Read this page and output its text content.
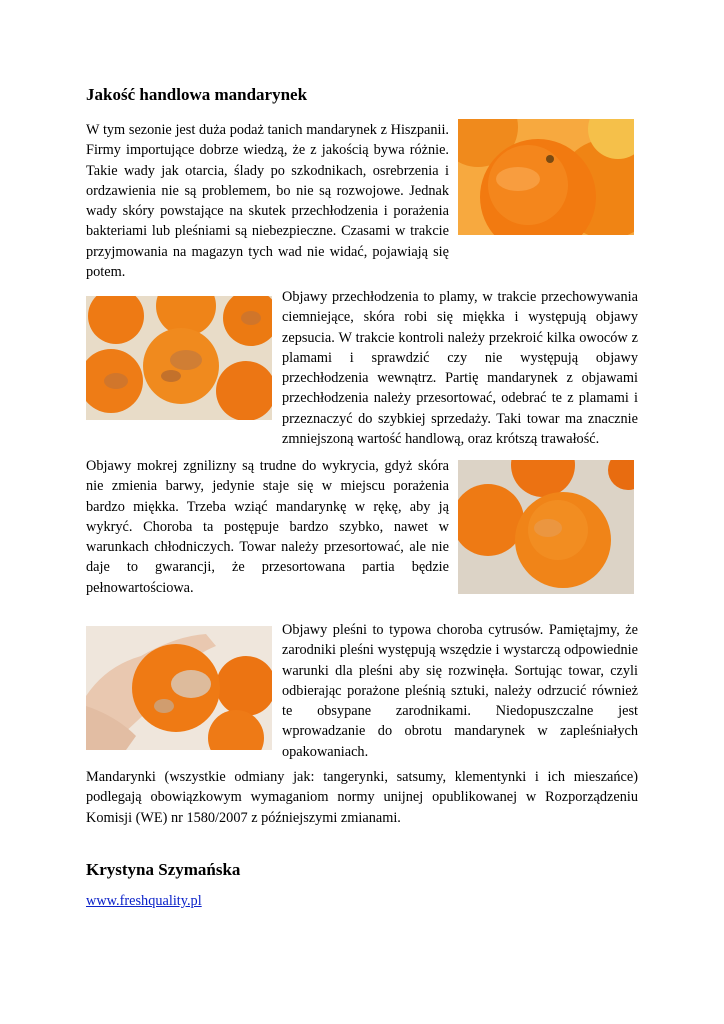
Jakość handlowa mandarynek

W tym sezonie jest duża podaż tanich mandarynek z Hiszpanii. Firmy importujące dobrze wiedzą, że z jakością bywa różnie. Takie wady jak otarcia, ślady po szkodnikach, osrebrzenia i ordzawienia nie są problemem, bo nie są rozwojowe. Jednak wady skóry powstające na skutek przechłodzenia i porażenia bakteriami lub pleśniami są niebezpieczne. Czasami w trakcie przyjmowania na magazyn tych wad nie widać, pojawiają się potem.

Objawy przechłodzenia to plamy, w trakcie przechowywania ciemniejące, skóra robi się miękka i występują objawy zepsucia. W trakcie kontroli należy przekroić kilka owoców z plamami i sprawdzić czy nie występują objawy przechłodzenia wewnątrz. Partię mandarynek z objawami przechłodzenia należy przesortować, odebrać te z plamami i przeznaczyć do szybkiej sprzedaży. Taki towar ma znacznie zmniejszoną wartość handlową, oraz krótszą trawałość.

Objawy mokrej zgnilizny są trudne do wykrycia, gdyż skóra nie zmienia barwy, jedynie staje się w miejscu porażenia bardzo miękka. Trzeba wziąć mandarynkę w rękę, aby ją wykryć. Choroba ta postępuje bardzo szybko, nawet w warunkach chłodniczych. Towar należy przesortować, ale nie daje to gwarancji, że przesortowana partia będzie pełnowartościowa.

Objawy pleśni to typowa choroba cytrusów. Pamiętajmy, że zarodniki pleśni występują wszędzie i wystarczą odpowiednie warunki dla pleśni aby się rozwinęła. Sortując towar, czyli odbierając porażone pleśnią sztuki, należy odrzucić również te obsypane zarodnikami. Niedopuszczalne jest wprowadzanie do obrotu mandarynek w zapleśniałych opakowaniach.

Mandarynki (wszystkie odmiany jak: tangerynki, satsumy, klementynki i ich mieszańce) podlegają obowiązkowym wymaganiom normy unijnej opublikowanej w Rozporządzeniu Komisji (WE) nr 1580/2007 z późniejszymi zmianami.

Krystyna Szymańska
www.freshquality.pl
